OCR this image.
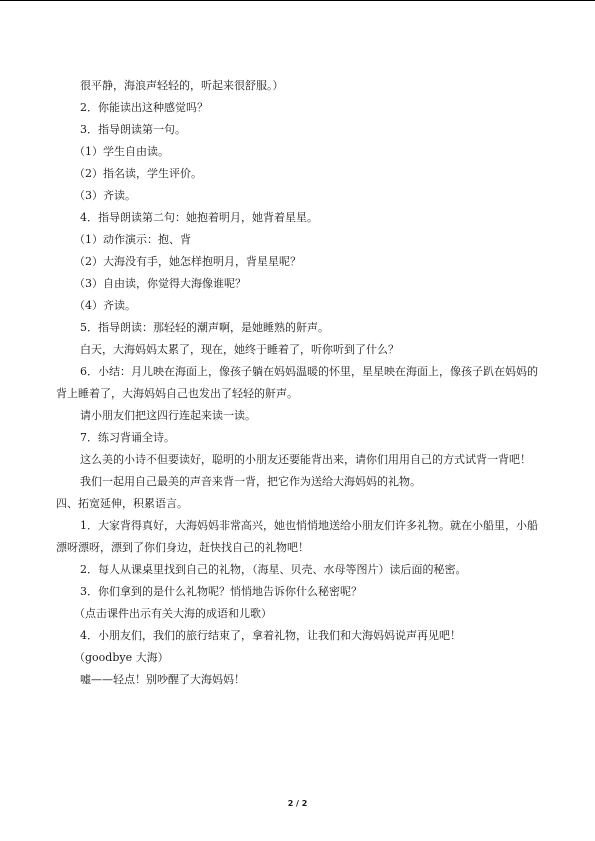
很平静，海浪声轻轻的，听起来很舒服。）
2．你能读出这种感觉吗？
3．指导朗读第一句。
（1）学生自由读。
（2）指名读，学生评价。
（3）齐读。
4．指导朗读第二句：她抱着明月，她背着星星。
（1）动作演示：抱、背
（2）大海没有手，她怎样抱明月，背星星呢？
（3）自由读，你觉得大海像谁呢？
（4）齐读。
5．指导朗读：那轻轻的潮声啊，是她睡熟的鼾声。
白天，大海妈妈太累了，现在，她终于睡着了，听你听到了什么？
6．小结：月儿映在海面上，像孩子躺在妈妈温暖的怀里，星星映在海面上，像孩子趴在妈妈的背上睡着了，大海妈妈自己也发出了轻轻的鼾声。
请小朋友们把这四行连起来读一读。
7．练习背诵全诗。
这么美的小诗不但要读好，聪明的小朋友还要能背出来，请你们用用自己的方式试背一背吧！
我们一起用自己最美的声音来背一背，把它作为送给大海妈妈的礼物。
四、拓宽延伸，积累语言。
1．大家背得真好，大海妈妈非常高兴，她也悄悄地送给小朋友们许多礼物。就在小船里，小船漂呀漂呀，漂到了你们身边，赶快找自己的礼物吧！
2．每人从课桌里找到自己的礼物，（海星、贝壳、水母等图片）读后面的秘密。
3．你们拿到的是什么礼物呢？悄悄地告诉你什么秘密呢？
（点击课件出示有关大海的成语和儿歌）
4．小朋友们，我们的旅行结束了，拿着礼物，让我们和大海妈妈说声再见吧！
（goodbye 大海）
嘘——轻点！别吵醒了大海妈妈！
2 / 2
